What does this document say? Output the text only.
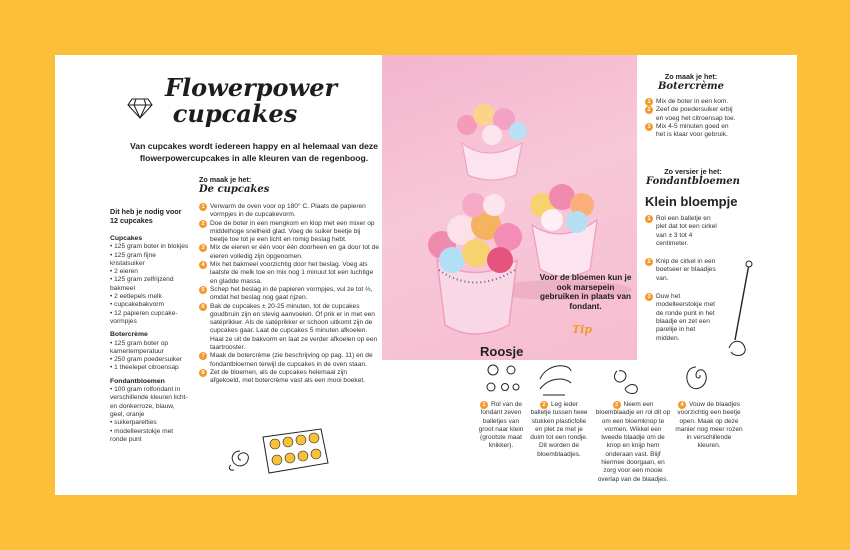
Flowerpower
cupcakes
Van cupcakes wordt iedereen happy en al helemaal van deze flowerpowercupcakes in alle kleuren van de regenboog.
Dit heb je nodig voor 12 cupcakes
Cupcakes
• 125 gram boter in blokjes
• 125 gram fijne kristalsuiker
• 2 eieren
• 125 gram zelfrijzend bakmeel
• 2 eetlepels melk
• cupcakebakvorm
• 12 papieren cupcake-vormpjes
Botercrème
• 125 gram boter op kamertemperatuur
• 250 gram poedersuiker
• 1 theelepel citroensap
Fondantbloemen
• 100 gram rolfondant in verschillende kleuren licht- en donkerroze, blauw, geel, oranje
• suikerparelties
• modelleerstokje met ronde punt
Zo maak je het:
De cupcakes
1 Verwarm de oven voor op 180° C. Plaats de papieren vormpjes in de cupcakevorm.
2 Doe de boter in een mengkom en klop met een mixer op middelhoge snelheid glad. Voeg de suiker beetje bij beetje toe tot je een licht en romig beslag hebt.
3 Mix de eieren er één voor één doorheen en ga door tot de eieren volledig zijn opgenomen.
4 Mix het bakmeel voorzichtig door het beslag. Voeg als laatste de melk toe en mix nog 1 minuut tot een luchtige en gladde massa.
5 Schep het beslag in de papieren vormpjes, vul ze tot ⅔, omdat het beslag nog gaat rijzen.
6 Bak de cupcakes ± 20-25 minuten, tot de cupcakes goudbruin zijn en stevig aanvoelen. Of prik er in met een satéprikker. Als de satéprikker er schoon uitkomt zijn de cupcakes gaar. Laat de cupcakes 5 minuten afkoelen. Haal ze uit de bakvorm en laat ze verder afkoelen op een taartrooster.
7 Maak de botercrème (zie beschrijving op pag. 11) en de fondantbloemen terwijl de cupcakes in de oven staan.
8 Zet de bloemen, als de cupcakes helemaal zijn afgekoeld, met botercrème vast als een mooi boeket.
Tip
Voor de bloemen kun je ook marsepein gebruiken in plaats van fondant.
Zo maak je het:
Botercrème
1 Mix de boter in een kom.
2 Zeef de poedersuiker erbij en voeg het citroensap toe.
3 Mix 4-5 minuten goed en het is klaar voor gebruik.
Zo versier je het:
Fondantbloemen
Klein bloempje
1 Rol een balletje en plet dat tot een cirkel van ± 3 tot 4 centimeter.
2 Knip de cirkel in een boetseer er blaadjes van.
3 Duw het modelleerstokje met de ronde punt in het blaadje en zet een parelije in het midden.
Roosje
1 Rol van de fondant zeven balletjes van groot naar klein (grootste maat knikker).
2 Leg ieder balletje tussen twee stukken plasticfolie en plet ze met je duim tot een rondje. Dit worden de bloemblaadjes.
3 Neem een bloemblaadje en rol dit op om een bloemknop te vormen. Wikkel een tweede blaadje om de knop en knijp hem onderaan vast. Blijf hiermee doorgaan, en zorg voor een mooie overlap van de blaadjes.
4 Vouw de blaadjes voorzichtig een beetje open. Maak op deze manier nog meer rozen in verschillende kleuren.
